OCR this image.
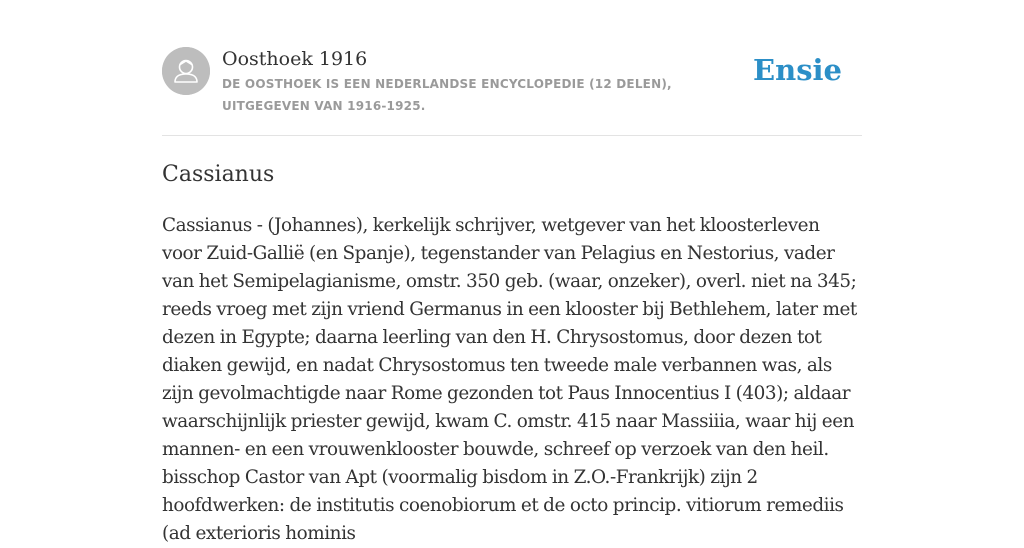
Oosthoek 1916
DE OOSTHOEK IS EEN NEDERLANDSE ENCYCLOPEDIE (12 DELEN), UITGEGEVEN VAN 1916-1925.
Ensie
Cassianus

Cassianus - (Johannes), kerkelijk schrijver, wetgever van het kloosterleven voor Zuid-Gallië (en Spanje), tegenstander van Pelagius en Nestorius, vader van het Semipelagianisme, omstr. 350 geb. (waar, onzeker), overl. niet na 345; reeds vroeg met zijn vriend Germanus in een klooster bij Bethlehem, later met dezen in Egypte; daarna leerling van den H. Chrysostomus, door dezen tot diaken gewijd, en nadat Chrysostomus ten tweede male verbannen was, als zijn gevolmachtigde naar Rome gezonden tot Paus Innocentius I (403); aldaar waarschijnlijk priester gewijd, kwam C. omstr. 415 naar Massiiia, waar hij een mannen- en een vrouwenklooster bouwde, schreef op verzoek van den heil. bisschop Castor van Apt (voormalig bisdom in Z.O.-Frankrijk) zijn 2 hoofdwerken: de institutis coenobiorum et de octo princip. vitiorum remediis (ad exterioris hominis
